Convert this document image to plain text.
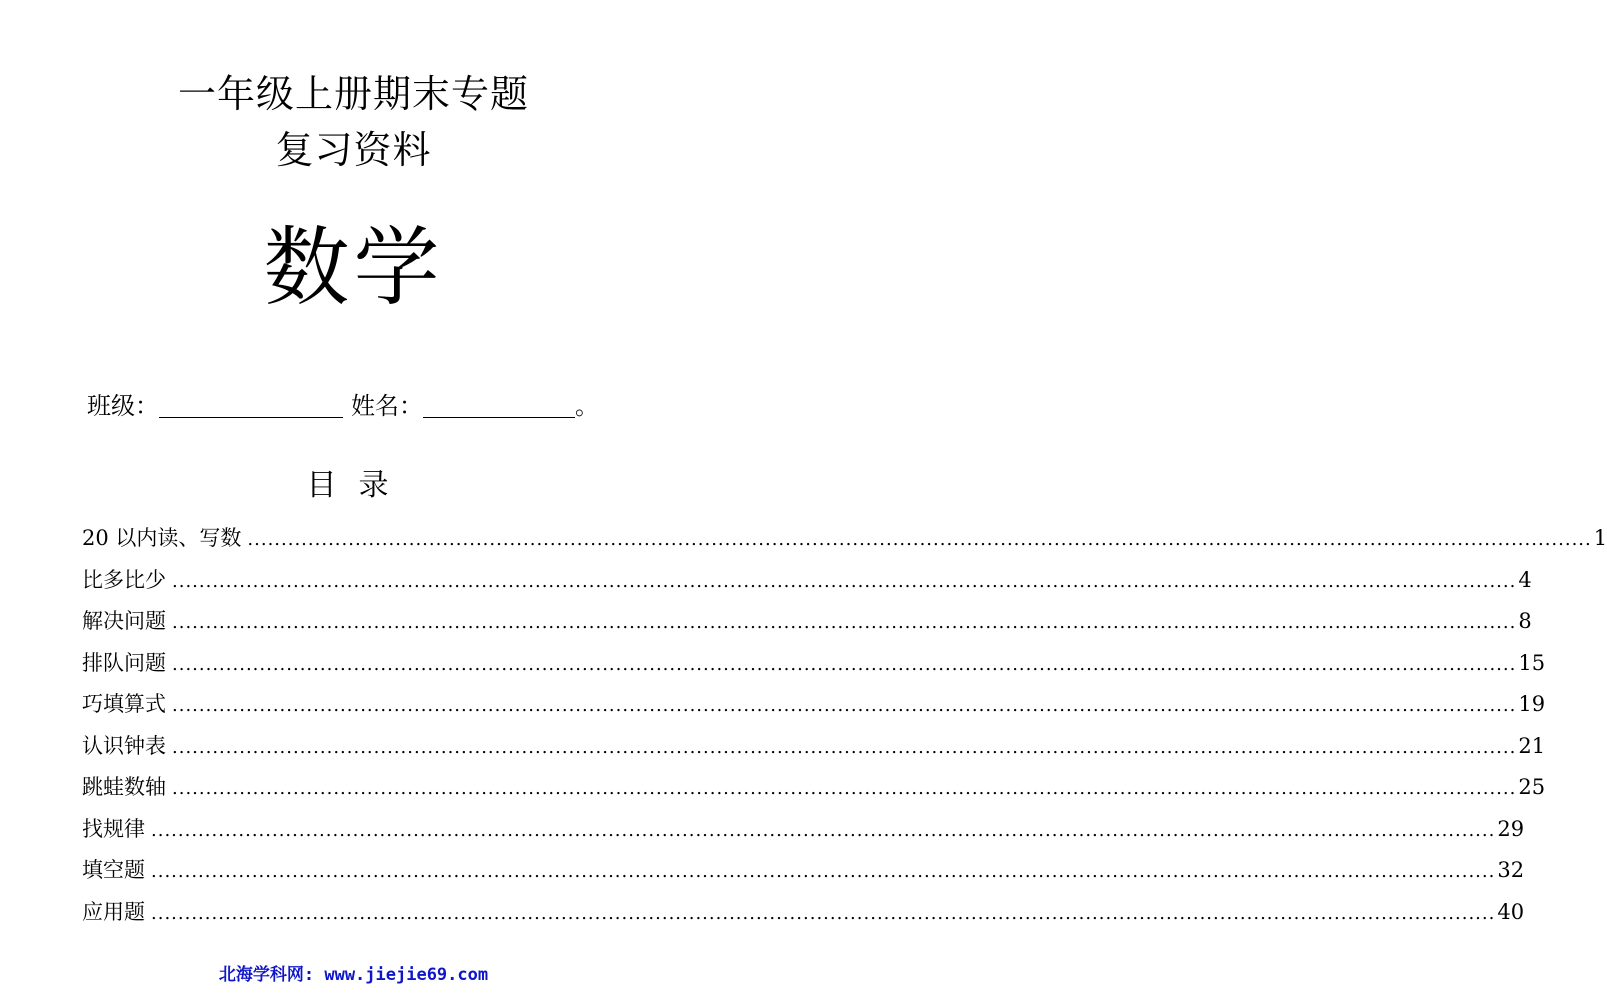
一年级上册期末专题
复习资料
数学
班级：	姓名：	。
目录
20 以内读、写数 ........................................................................................................................................................................................................ 1
比多比少 ........................................................................................................................................................................................................ 4
解决问题 ........................................................................................................................................................................................................ 8
排队问题 ........................................................................................................................................................................................................ 15
巧填算式 ........................................................................................................................................................................................................ 19
认识钟表 ........................................................................................................................................................................................................ 21
跳蛙数轴 ........................................................................................................................................................................................................ 25
找规律 ........................................................................................................................................................................................................ 29
填空题 ........................................................................................................................................................................................................ 32
应用题 ........................................................................................................................................................................................................ 40
北海学科网: www.jiejie69.com
